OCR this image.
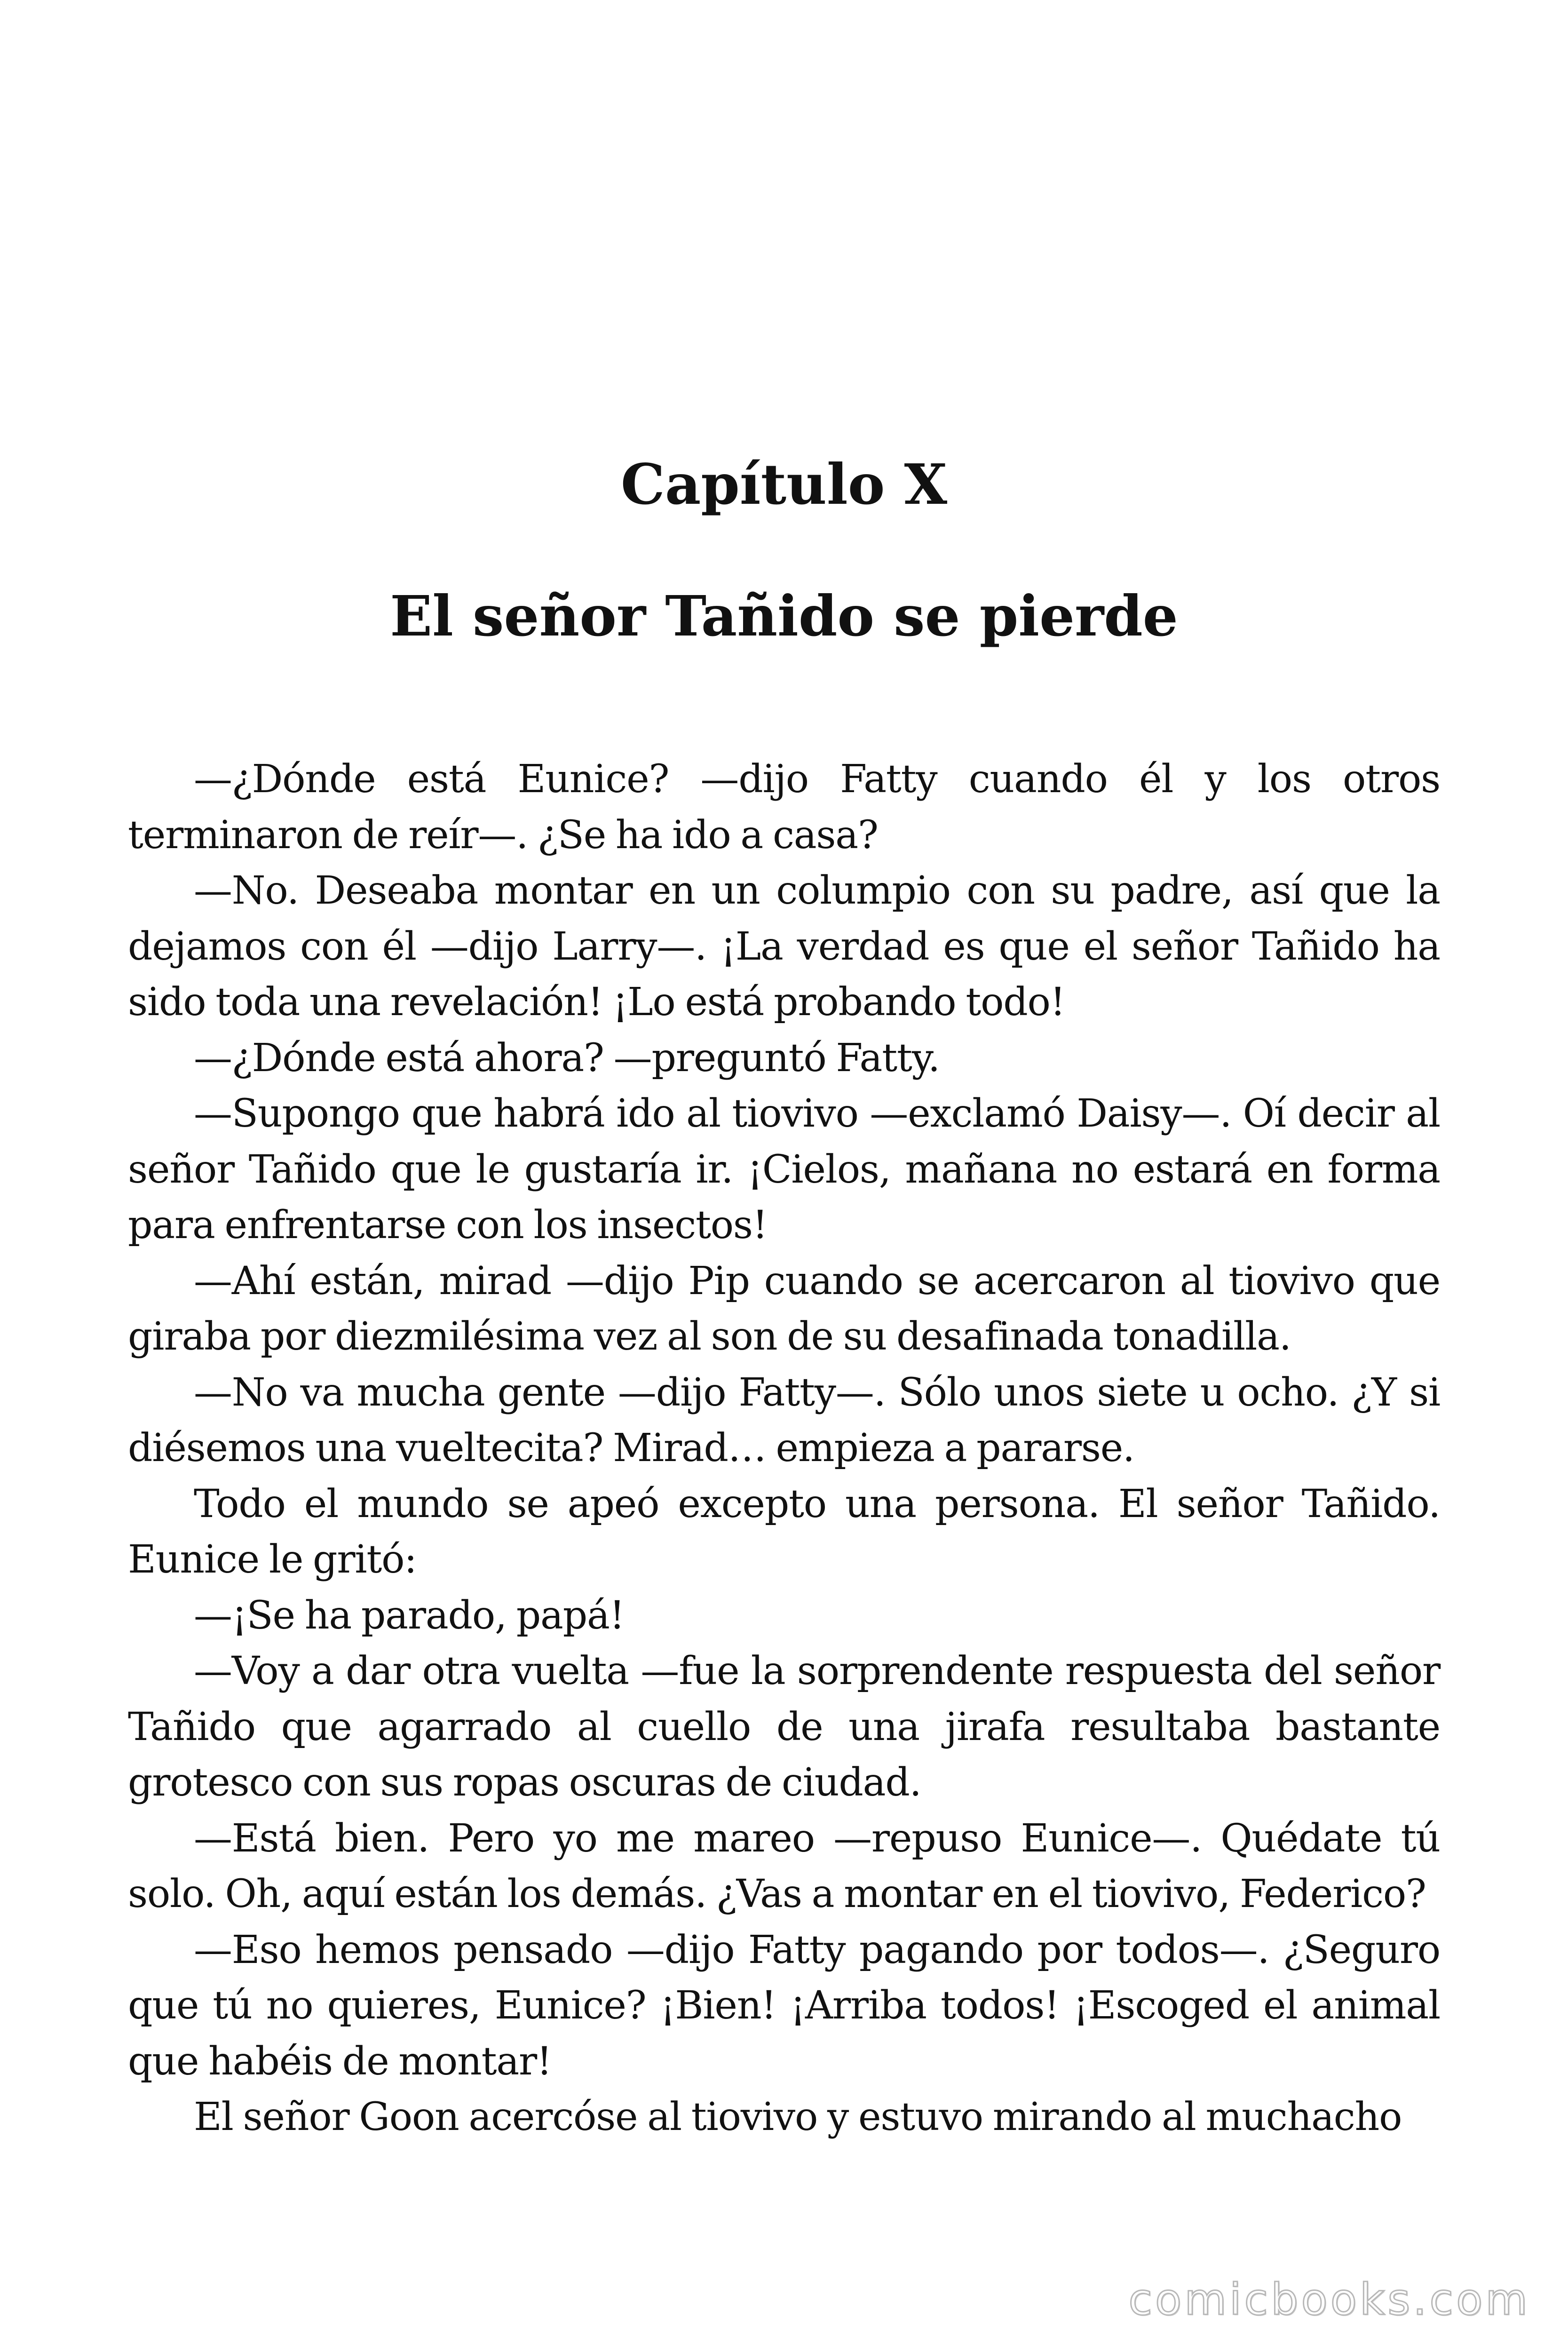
Capítulo X
El señor Tañido se pierde

—¿Dónde está Eunice? —dijo Fatty cuando él y los otros terminaron de reír—. ¿Se ha ido a casa?

—No. Deseaba montar en un columpio con su padre, así que la dejamos con él —dijo Larry—. ¡La verdad es que el señor Tañido ha sido toda una revelación! ¡Lo está probando todo!

—¿Dónde está ahora? —preguntó Fatty.

—Supongo que habrá ido al tiovivo —exclamó Daisy—. Oí decir al señor Tañido que le gustaría ir. ¡Cielos, mañana no estará en forma para enfrentarse con los insectos!

—Ahí están, mirad —dijo Pip cuando se acercaron al tiovivo que giraba por diezmilésima vez al son de su desafinada tonadilla.

—No va mucha gente —dijo Fatty—. Sólo unos siete u ocho. ¿Y si diésemos una vueltecita? Mirad… empieza a pararse.

Todo el mundo se apeó excepto una persona. El señor Tañido. Eunice le gritó:

—¡Se ha parado, papá!

—Voy a dar otra vuelta —fue la sorprendente respuesta del señor Tañido que agarrado al cuello de una jirafa resultaba bastante grotesco con sus ropas oscuras de ciudad.

—Está bien. Pero yo me mareo —repuso Eunice—. Quédate tú solo. Oh, aquí están los demás. ¿Vas a montar en el tiovivo, Federico?

—Eso hemos pensado —dijo Fatty pagando por todos—. ¿Seguro que tú no quieres, Eunice? ¡Bien! ¡Arriba todos! ¡Escoged el animal que habéis de montar!

El señor Goon acercóse al tiovivo y estuvo mirando al muchacho

comicbooks.com
